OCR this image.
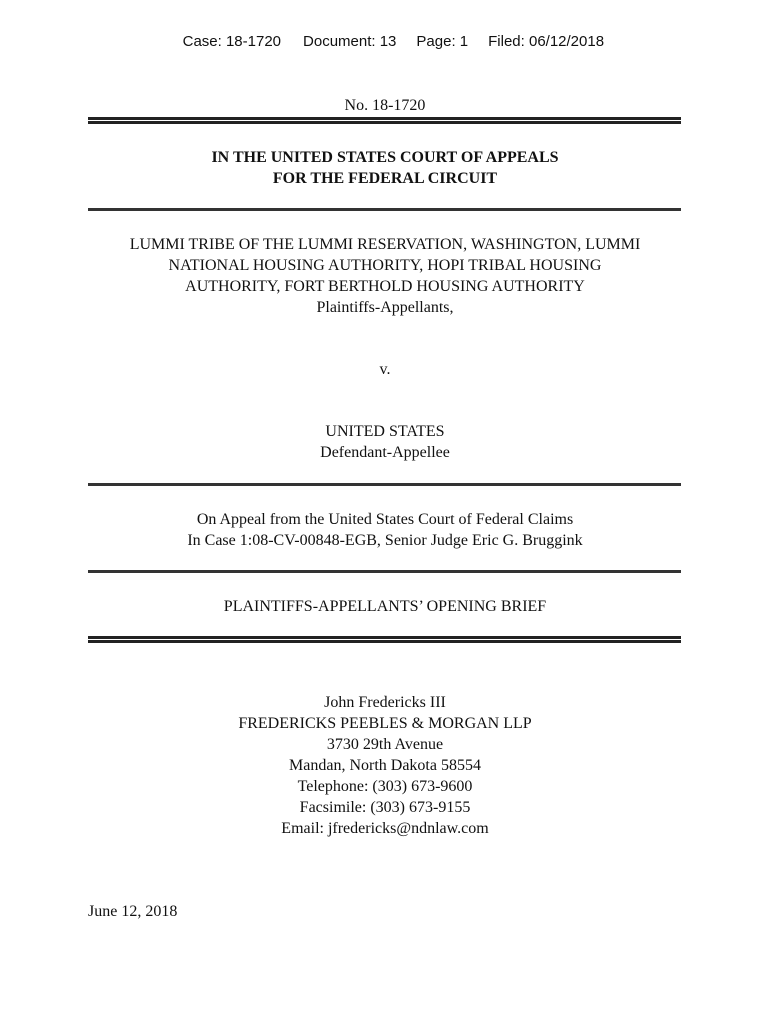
Case: 18-1720 Document: 13 Page: 1 Filed: 06/12/2018

No. 18-1720
IN THE UNITED STATES COURT OF APPEALS
FOR THE FEDERAL CIRCUIT
LUMMI TRIBE OF THE LUMMI RESERVATION, WASHINGTON, LUMMI
NATIONAL HOUSING AUTHORITY, HOPI TRIBAL HOUSING
AUTHORITY, FORT BERTHOLD HOUSING AUTHORITY
Plaintiffs-Appellants,
v.
UNITED STATES
Defendant-Appellee
On Appeal from the United States Court of Federal Claims
In Case 1:08-CV-00848-EGB, Senior Judge Eric G. Bruggink
PLAINTIFFS-APPELLANTS’ OPENING BRIEF
John Fredericks III
FREDERICKS PEEBLES & MORGAN LLP
3730 29th Avenue
Mandan, North Dakota 58554
Telephone: (303) 673-9600
Facsimile: (303) 673-9155
Email: jfredericks@ndnlaw.com
June 12, 2018
